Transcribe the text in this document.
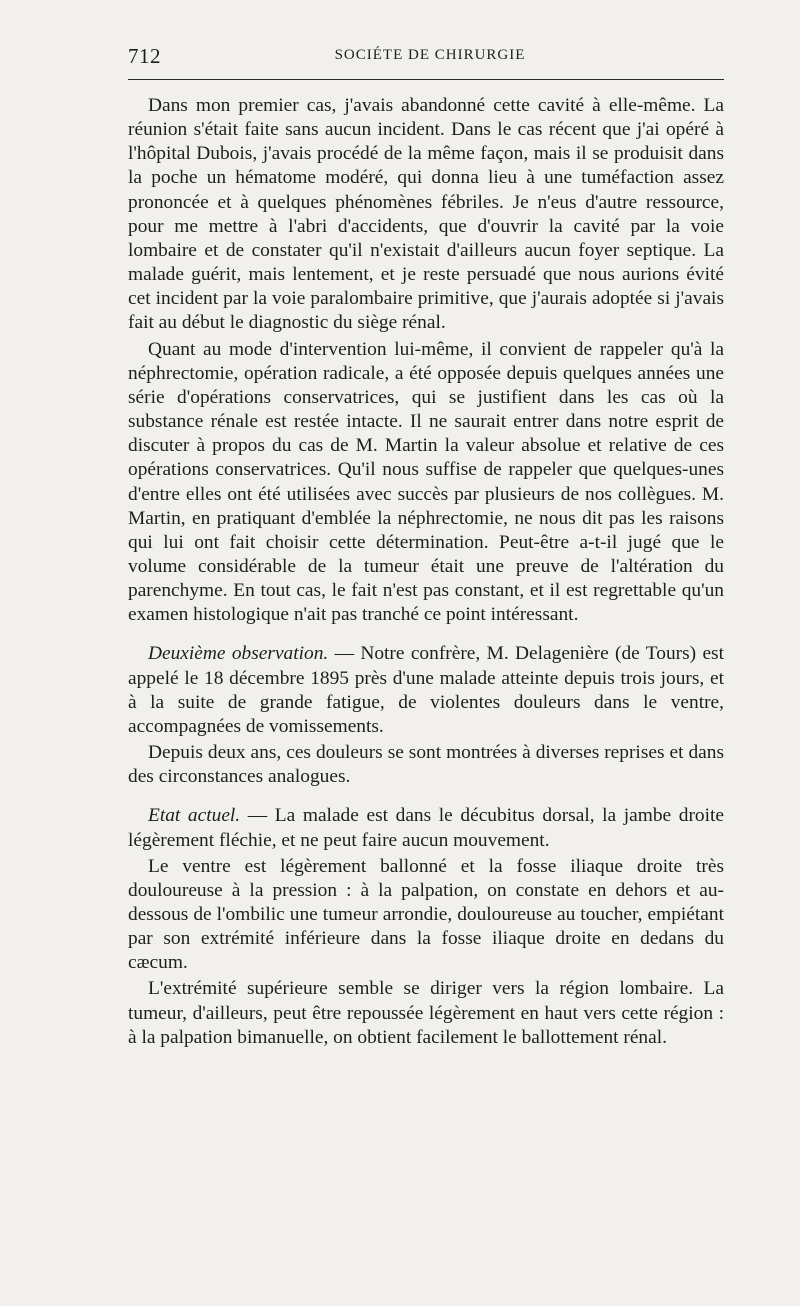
712	SOCIÉTE DE CHIRURGIE

Dans mon premier cas, j'avais abandonné cette cavité à elle-même. La réunion s'était faite sans aucun incident. Dans le cas récent que j'ai opéré à l'hôpital Dubois, j'avais procédé de la même façon, mais il se produisit dans la poche un hématome modéré, qui donna lieu à une tuméfaction assez prononcée et à quelques phénomènes fébriles. Je n'eus d'autre ressource, pour me mettre à l'abri d'accidents, que d'ouvrir la cavité par la voie lombaire et de constater qu'il n'existait d'ailleurs aucun foyer septique. La malade guérit, mais lentement, et je reste persuadé que nous aurions évité cet incident par la voie paralombaire primitive, que j'aurais adoptée si j'avais fait au début le diagnostic du siège rénal.

Quant au mode d'intervention lui-même, il convient de rappeler qu'à la néphrectomie, opération radicale, a été opposée depuis quelques années une série d'opérations conservatrices, qui se justifient dans les cas où la substance rénale est restée intacte. Il ne saurait entrer dans notre esprit de discuter à propos du cas de M. Martin la valeur absolue et relative de ces opérations conservatrices. Qu'il nous suffise de rappeler que quelques-unes d'entre elles ont été utilisées avec succès par plusieurs de nos collègues. M. Martin, en pratiquant d'emblée la néphrectomie, ne nous dit pas les raisons qui lui ont fait choisir cette détermination. Peut-être a-t-il jugé que le volume considérable de la tumeur était une preuve de l'altération du parenchyme. En tout cas, le fait n'est pas constant, et il est regrettable qu'un examen histologique n'ait pas tranché ce point intéressant.

Deuxième observation. — Notre confrère, M. Delagenière (de Tours) est appelé le 18 décembre 1895 près d'une malade atteinte depuis trois jours, et à la suite de grande fatigue, de violentes douleurs dans le ventre, accompagnées de vomissements.

Depuis deux ans, ces douleurs se sont montrées à diverses reprises et dans des circonstances analogues.

Etat actuel. — La malade est dans le décubitus dorsal, la jambe droite légèrement fléchie, et ne peut faire aucun mouvement.

Le ventre est légèrement ballonné et la fosse iliaque droite très douloureuse à la pression : à la palpation, on constate en dehors et au-dessous de l'ombilic une tumeur arrondie, douloureuse au toucher, empiétant par son extrémité inférieure dans la fosse iliaque droite en dedans du cæcum.

L'extrémité supérieure semble se diriger vers la région lombaire. La tumeur, d'ailleurs, peut être repoussée légèrement en haut vers cette région : à la palpation bimanuelle, on obtient facilement le ballottement rénal.
